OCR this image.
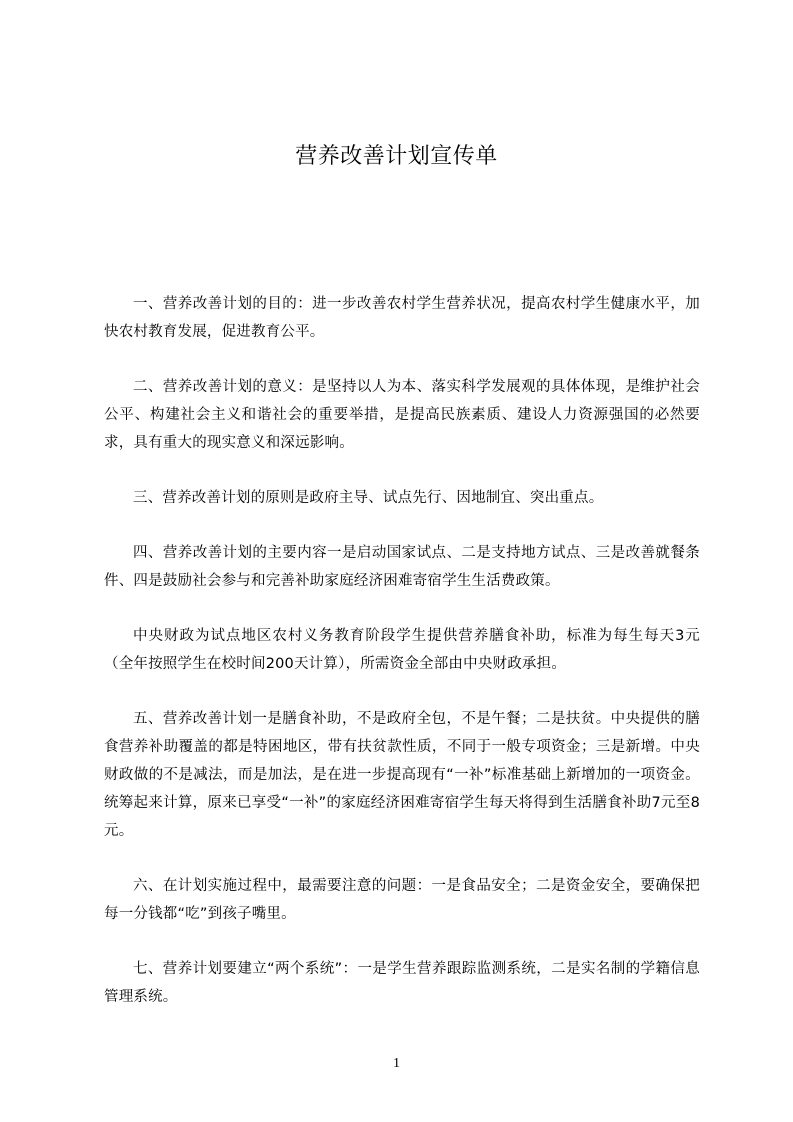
营养改善计划宣传单

一、营养改善计划的目的：进一步改善农村学生营养状况，提高农村学生健康水平，加快农村教育发展，促进教育公平。

二、营养改善计划的意义：是坚持以人为本、落实科学发展观的具体体现，是维护社会公平、构建社会主义和谐社会的重要举措，是提高民族素质、建设人力资源强国的必然要求，具有重大的现实意义和深远影响。

三、营养改善计划的原则是政府主导、试点先行、因地制宜、突出重点。

四、营养改善计划的主要内容一是启动国家试点、二是支持地方试点、三是改善就餐条件、四是鼓励社会参与和完善补助家庭经济困难寄宿学生生活费政策。

中央财政为试点地区农村义务教育阶段学生提供营养膳食补助，标准为每生每天3元（全年按照学生在校时间200天计算），所需资金全部由中央财政承担。

五、营养改善计划一是膳食补助，不是政府全包，不是午餐；二是扶贫。中央提供的膳食营养补助覆盖的都是特困地区，带有扶贫款性质，不同于一般专项资金；三是新增。中央财政做的不是减法，而是加法，是在进一步提高现有“一补”标准基础上新增加的一项资金。统筹起来计算，原来已享受“一补”的家庭经济困难寄宿学生每天将得到生活膳食补助7元至8元。

六、在计划实施过程中，最需要注意的问题：一是食品安全；二是资金安全，要确保把每一分钱都“吃”到孩子嘴里。

七、营养计划要建立“两个系统”：一是学生营养跟踪监测系统，二是实名制的学籍信息管理系统。

1
